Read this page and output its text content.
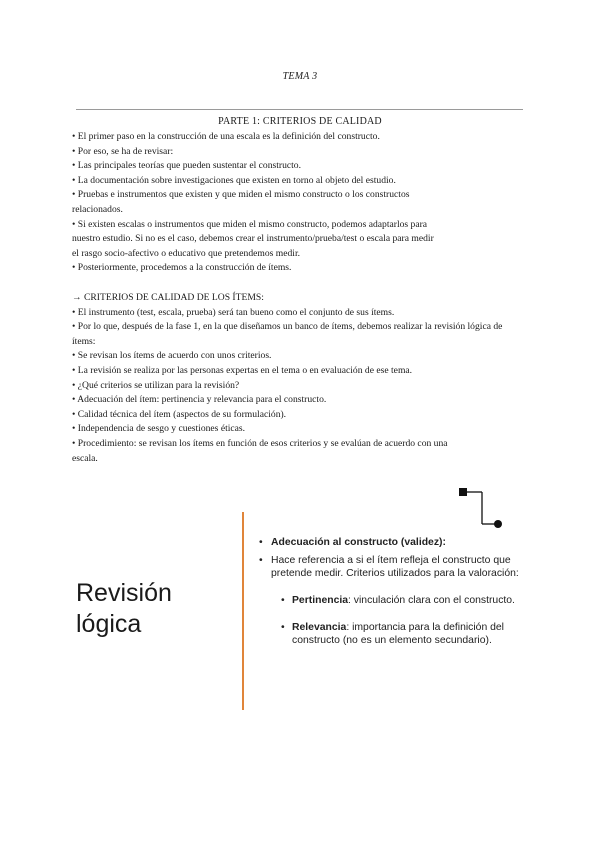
TEMA 3
PARTE 1: CRITERIOS DE CALIDAD
• El primer paso en la construcción de una escala es la definición del constructo.
• Por eso, se ha de revisar:
• Las principales teorías que pueden sustentar el constructo.
• La documentación sobre investigaciones que existen en torno al objeto del estudio.
• Pruebas e instrumentos que existen y que miden el mismo constructo o los constructos
relacionados.
• Si existen escalas o instrumentos que miden el mismo constructo, podemos adaptarlos para
nuestro estudio. Si no es el caso, debemos crear el instrumento/prueba/test o escala para medir
el rasgo socio-afectivo o educativo que pretendemos medir.
• Posteriormente, procedemos a la construcción de ítems.
→ CRITERIOS DE CALIDAD DE LOS ÍTEMS:
• El instrumento (test, escala, prueba) será tan bueno como el conjunto de sus ítems.
• Por lo que, después de la fase 1, en la que diseñamos un banco de ítems, debemos realizar la revisión lógica de
ítems:
• Se revisan los ítems de acuerdo con unos criterios.
• La revisión se realiza por las personas expertas en el tema o en evaluación de ese tema.
• ¿Qué criterios se utilizan para la revisión?
• Adecuación del ítem: pertinencia y relevancia para el constructo.
• Calidad técnica del ítem (aspectos de su formulación).
• Independencia de sesgo y cuestiones éticas.
• Procedimiento: se revisan los ítems en función de esos criterios y se evalúan de acuerdo con una
escala.
Revisión
lógica
• Adecuación al constructo (validez):
• Hace referencia a si el ítem refleja el constructo que pretende medir. Criterios utilizados para la valoración:
• Pertinencia: vinculación clara con el constructo.
• Relevancia: importancia para la definición del constructo (no es un elemento secundario).
